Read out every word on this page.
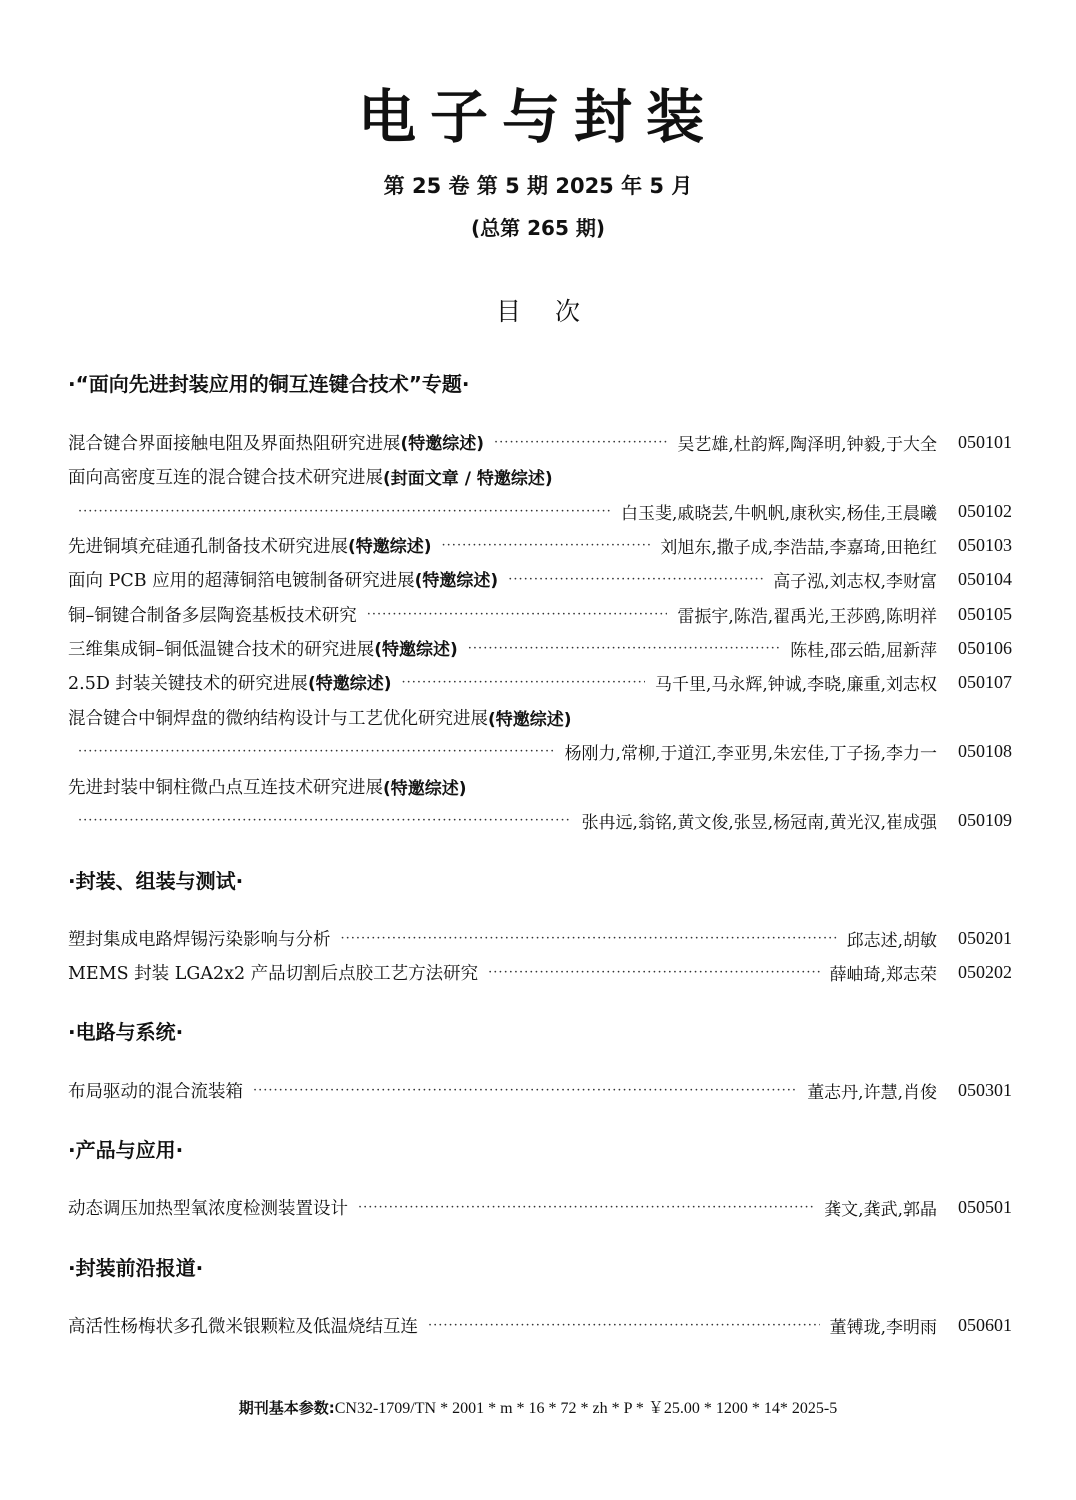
电子与封装
第 25 卷 第 5 期 2025 年 5 月
(总第 265 期)
目次
·“面向先进封装应用的铜互连键合技术”专题·
混合键合界面接触电阻及界面热阻研究进展(特邀综述) ·····	吴艺雄,杜韵辉,陶泽明,钟毅,于大全	050101
面向高密度互连的混合键合技术研究进展 (封面文章 / 特邀综述)
·····
白玉斐,戚晓芸,牛帆帆,康秋实,杨佳,王晨曦	050102
先进铜填充硅通孔制备技术研究进展(特邀综述) ·····	刘旭东,撒子成,李浩喆,李嘉琦,田艳红	050103
面向 PCB 应用的超薄铜箔电镀制备研究进展(特邀综述) ·····	高子泓,刘志权,李财富	050104
铜–铜键合制备多层陶瓷基板技术研究 ·····	雷振宇,陈浩,翟禹光,王莎鸥,陈明祥	050105
三维集成铜–铜低温键合技术的研究进展(特邀综述) ·····	陈桂,邵云皓,屈新萍	050106
2.5D 封装关键技术的研究进展(特邀综述) ·····	马千里,马永辉,钟诚,李晓,廉重,刘志权	050107
混合键合中铜焊盘的微纳结构设计与工艺优化研究进展 (特邀综述)
·····
杨刚力,常柳,于道江,李亚男,朱宏佳,丁子扬,李力一	050108
先进封装中铜柱微凸点互连技术研究进展 (特邀综述)
·····
张冉远,翁铭,黄文俊,张昱,杨冠南,黄光汉,崔成强	050109
·封装、组装与测试·
塑封集成电路焊锡污染影响与分析 ·····	邱志述,胡敏	050201
MEMS 封装 LGA2x2 产品切割后点胶工艺方法研究 ·····	薛岫琦,郑志荣	050202
·电路与系统·
布局驱动的混合流装箱 ·····	董志丹,许慧,肖俊	050301
·产品与应用·
动态调压加热型氧浓度检测装置设计 ·····	龚文,龚武,郭晶	050501
·封装前沿报道·
高活性杨梅状多孔微米银颗粒及低温烧结互连 ·····	董镈珑,李明雨	050601
期刊基本参数:CN32-1709/TN * 2001 * m * 16 * 72 * zh * P * ￥25.00 * 1200 * 14* 2025-5
